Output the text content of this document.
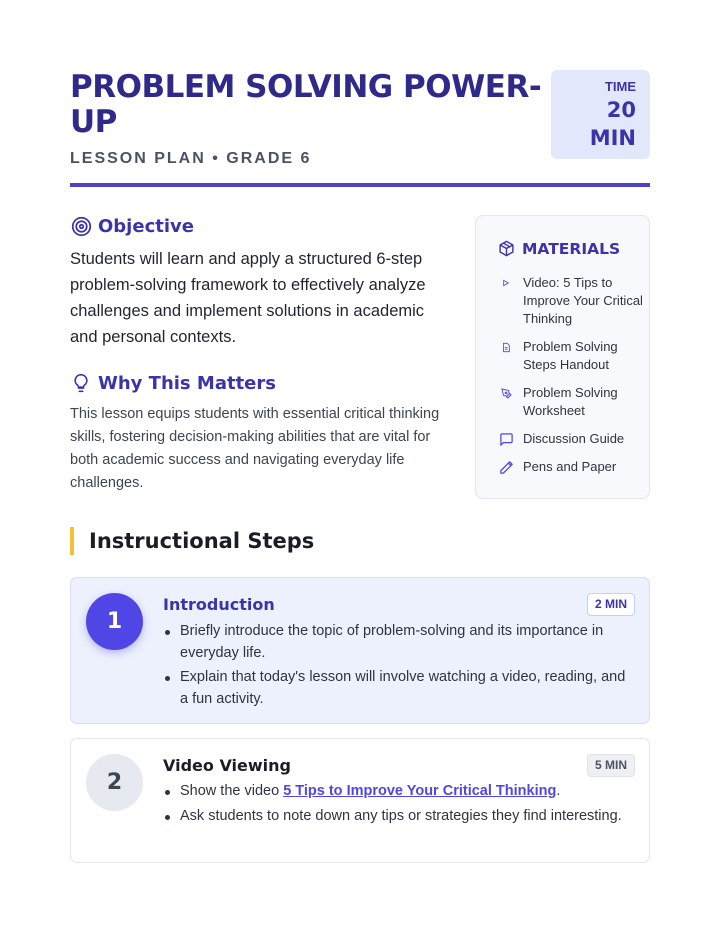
PROBLEM SOLVING POWER-UP
LESSON PLAN • GRADE 6
TIME
20
MIN
Objective

Students will learn and apply a structured 6-step problem-solving framework to effectively analyze challenges and implement solutions in academic and personal contexts.

Why This Matters

This lesson equips students with essential critical thinking skills, fostering decision-making abilities that are vital for both academic success and navigating everyday life challenges.

MATERIALS
Video: 5 Tips to Improve Your Critical Thinking
Problem Solving Steps Handout
Problem Solving Worksheet
Discussion Guide
Pens and Paper
Instructional Steps
1
Introduction	2 MIN
Briefly introduce the topic of problem-solving and its importance in everyday life.
Explain that today's lesson will involve watching a video, reading, and a fun activity.
2
Video Viewing	5 MIN
Show the video 5 Tips to Improve Your Critical Thinking.
Ask students to note down any tips or strategies they find interesting.
